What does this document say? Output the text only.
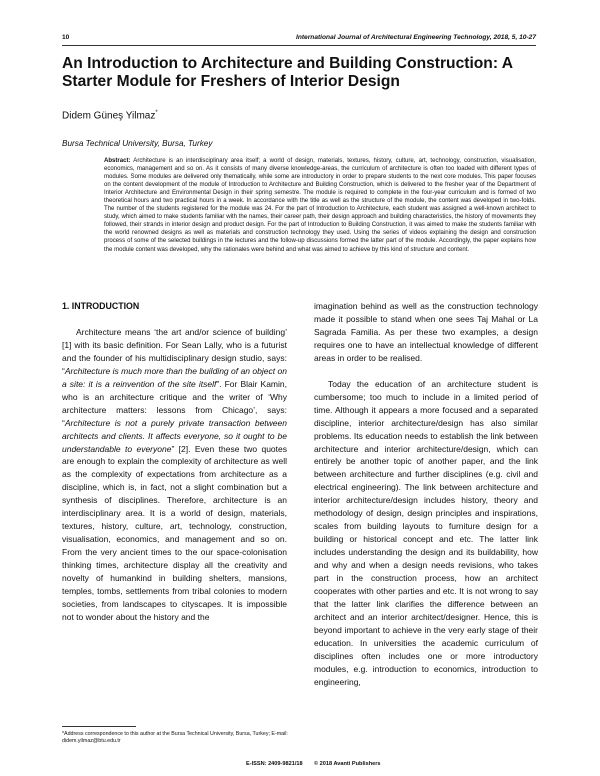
10	International Journal of Architectural Engineering Technology, 2018, 5, 10-27
An Introduction to Architecture and Building Construction: A Starter Module for Freshers of Interior Design
Didem Güneş Yilmaz*
Bursa Technical University, Bursa, Turkey
Abstract: Architecture is an interdisciplinary area itself; a world of design, materials, textures, history, culture, art, technology, construction, visualisation, economics, management and so on. As it consists of many diverse knowledge-areas, the curriculum of architecture is often too loaded with different types of modules. Some modules are delivered only thematically, while some are introductory in order to prepare students to the next core modules. This paper focuses on the content development of the module of Introduction to Architecture and Building Construction, which is delivered to the fresher year of the Department of Interior Architecture and Environmental Design in their spring semestre. The module is required to complete in the four-year curriculum and is formed of two theoretical hours and two practical hours in a week. In accordance with the title as well as the structure of the module, the content was developed in two-folds. The number of the students registered for the module was 24. For the part of Introduction to Architecture, each student was assigned a well-known architect to study, which aimed to make students familiar with the names, their career path, their design approach and building characteristics, the history of movements they followed, their strands in interior design and product design. For the part of Introduction to Building Construction, it was aimed to make the students familiar with the world renowned designs as well as materials and construction technology they used. Using the series of videos explaining the design and construction process of some of the selected buildings in the lectures and the follow-up discussions formed the latter part of the module. Accordingly, the paper explains how the module content was developed, why the rationales were behind and what was aimed to achieve by this kind of structure and content.
1. INTRODUCTION

Architecture means ‘the art and/or science of building’ [1] with its basic definition. For Sean Lally, who is a futurist and the founder of his multidisciplinary design studio, says: “Architecture is much more than the building of an object on a site: it is a reinvention of the site itself”. For Blair Kamin, who is an architecture critique and the writer of ‘Why architecture matters: lessons from Chicago’, says: “Architecture is not a purely private transaction between architects and clients. It affects everyone, so it ought to be understandable to everyone” [2]. Even these two quotes are enough to explain the complexity of architecture as well as the complexity of expectations from architecture as a discipline, which is, in fact, not a slight combination but a synthesis of disciplines. Therefore, architecture is an interdisciplinary area. It is a world of design, materials, textures, history, culture, art, technology, construction, visualisation, economics, and management and so on. From the very ancient times to the our space-colonisation thinking times, architecture display all the creativity and novelty of humankind in building shelters, mansions, temples, tombs, settlements from tribal colonies to modern societies, from landscapes to cityscapes. It is impossible not to wonder about the history and the

imagination behind as well as the construction technology made it possible to stand when one sees Taj Mahal or La Sagrada Familia. As per these two examples, a design requires one to have an intellectual knowledge of different areas in order to be realised.

Today the education of an architecture student is cumbersome; too much to include in a limited period of time. Although it appears a more focused and a separated discipline, interior architecture/design has also similar problems. Its education needs to establish the link between architecture and interior architecture/design, which can entirely be another topic of another paper, and the link between architecture and further disciplines (e.g. civil and electrical engineering). The link between architecture and interior architecture/design includes history, theory and methodology of design, design principles and inspirations, scales from building layouts to furniture design for a building or historical concept and etc. The latter link includes understanding the design and its buildability, how and why and when a design needs revisions, who takes part in the construction process, how an architect cooperates with other parties and etc. It is not wrong to say that the latter link clarifies the difference between an architect and an interior architect/designer. Hence, this is beyond important to achieve in the very early stage of their education. In universities the academic curriculum of disciplines often includes one or more introductory modules, e.g. introduction to economics, introduction to engineering,

*Address correspondence to this author at the Bursa Technical University, Bursa, Turkey; E-mail: didem.yilmaz@btu.edu.tr
E-ISSN: 2409-9821/18 © 2018 Avanti Publishers
